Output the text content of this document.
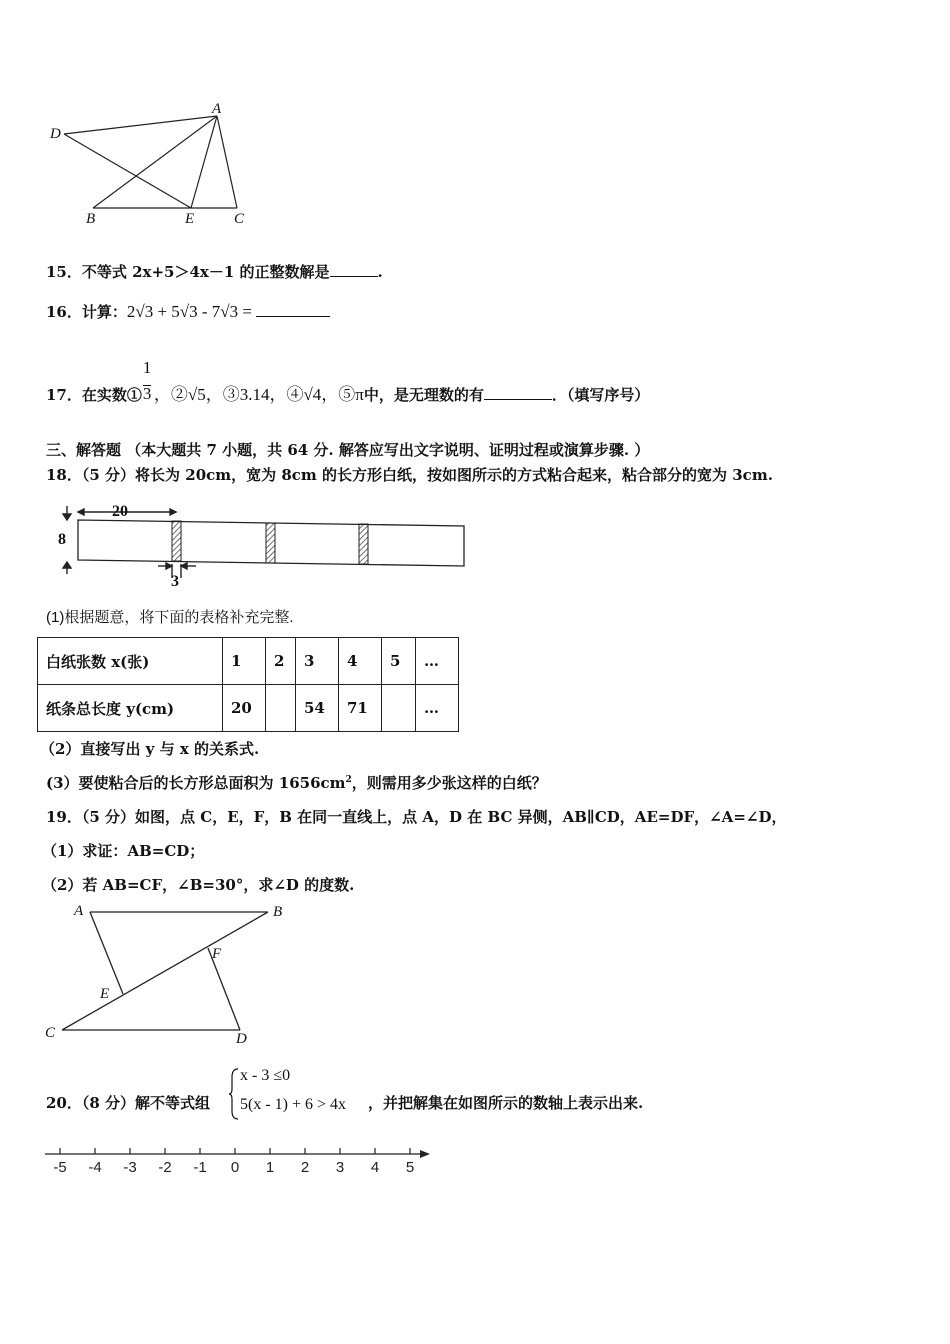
A
D
B	E	C
15．不等式 2x+5＞4x－1 的正整数解是	.
16．计算：2√3 + 5√3 - 7√3 =
17．在实数① $\frac{1}{3}$ ，②√5，③3.14，④√4，⑤π中，是无理数的有	．（填写序号）
三、解答题 （本大题共 7 小题，共 64 分. 解答应写出文字说明、证明过程或演算步骤. ）
18．（5 分）将长为 20cm，宽为 8cm 的长方形白纸，按如图所示的方式粘合起来，粘合部分的宽为 3cm.
20
8
3
(1)根据题意，将下面的表格补充完整.
白纸张数 x(张)	1	2	3	4	5	…
纸条总长度 y(cm)	20		54	71		…
（2）直接写出 y 与 x 的关系式.
(3）要使粘合后的长方形总面积为 $1656cm^2$，则需用多少张这样的白纸？
19．（5 分）如图，点 C，E，F，B 在同一直线上，点 A，D 在 BC 异侧，AB∥CD，AE=DF，∠A=∠D，
（1）求证：AB=CD；
（2）若 AB=CF，∠B=30°，求∠D 的度数.
A	B
F
E
C	D
20．（8 分）解不等式组
x - 3 ≤0
5(x - 1) + 6 > 4x ，并把解集在如图所示的数轴上表示出来.
-5 -4 -3 -2 -1 0 1 2 3 4 5
